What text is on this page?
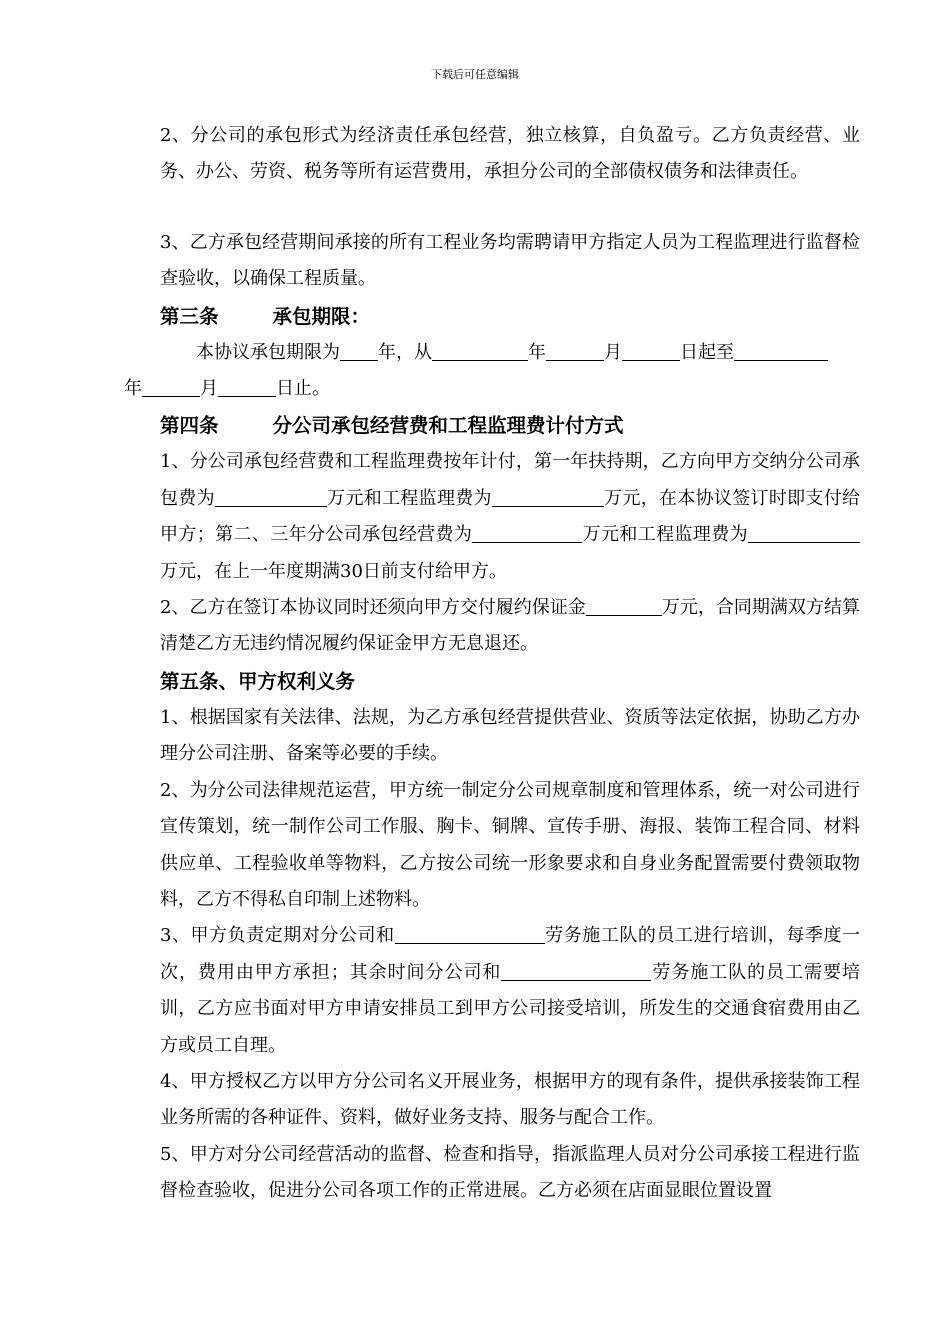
下载后可任意编辑

2、分公司的承包形式为经济责任承包经营，独立核算，自负盈亏。乙方负责经营、业务、办公、劳资、税务等所有运营费用，承担分公司的全部债权债务和法律责任。

3、乙方承包经营期间承接的所有工程业务均需聘请甲方指定人员为工程监理进行监督检查验收，以确保工程质量。

第三条	承包期限：

本协议承包期限为 年，从	年	月	日起至
年	月	日止。

第四条	分公司承包经营费和工程监理费计付方式

1、分公司承包经营费和工程监理费按年计付，第一年扶持期，乙方向甲方交纳分公司承包费为	万元和工程监理费为	万元，在本协议签订时即支付给甲方；第二、三年分公司承包经营费为	万元和工程监理费为万元，在上一年度期满30日前支付给甲方。

2、乙方在签订本协议同时还须向甲方交付履约保证金	万元，合同期满双方结算清楚乙方无违约情况履约保证金甲方无息退还。

第五条、甲方权利义务

1、根据国家有关法律、法规，为乙方承包经营提供营业、资质等法定依据，协助乙方办理分公司注册、备案等必要的手续。

2、为分公司法律规范运营，甲方统一制定分公司规章制度和管理体系，统一对公司进行宣传策划，统一制作公司工作服、胸卡、铜牌、宣传手册、海报、装饰工程合同、材料供应单、工程验收单等物料，乙方按公司统一形象要求和自身业务配置需要付费领取物料，乙方不得私自印制上述物料。

3、甲方负责定期对分公司和	劳务施工队的员工进行培训，每季度一次，费用由甲方承担；其余时间分公司和	劳务施工队的员工需要培训，乙方应书面对甲方申请安排员工到甲方公司接受培训，所发生的交通食宿费用由乙方或员工自理。

4、甲方授权乙方以甲方分公司名义开展业务，根据甲方的现有条件，提供承接装饰工程业务所需的各种证件、资料，做好业务支持、服务与配合工作。

5、甲方对分公司经营活动的监督、检查和指导，指派监理人员对分公司承接工程进行监督检查验收，促进分公司各项工作的正常进展。乙方必须在店面显眼位置设置
